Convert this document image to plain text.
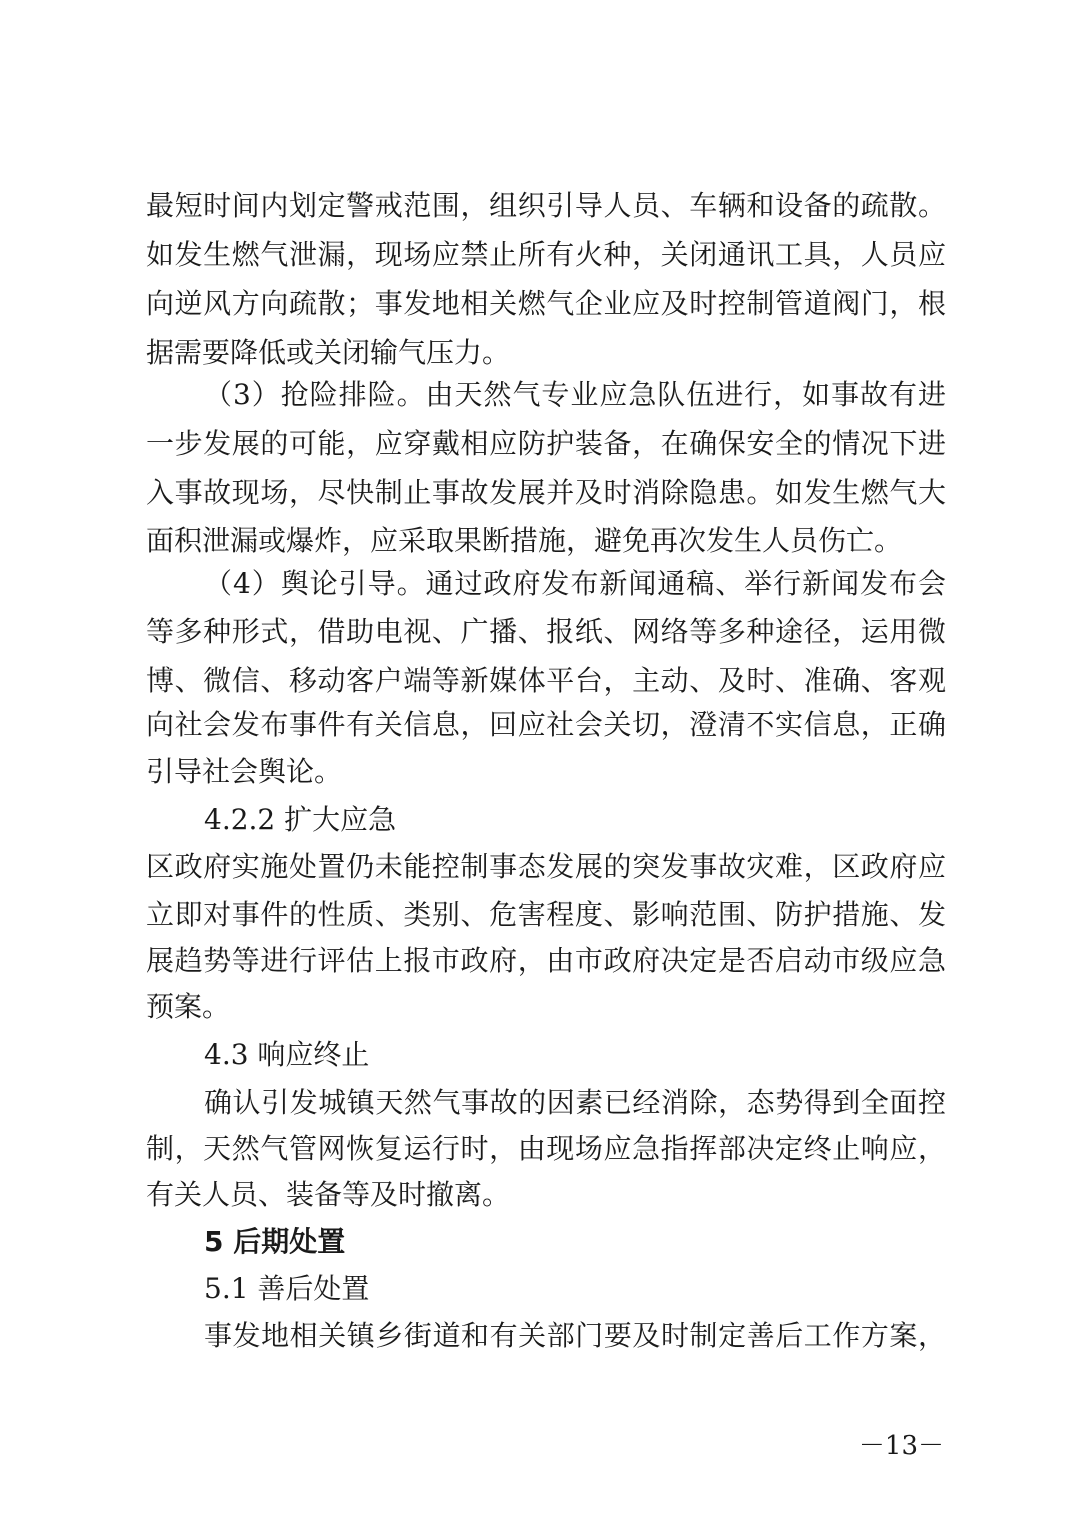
最短时间内划定警戒范围，组织引导人员、车辆和设备的疏散。
如发生燃气泄漏，现场应禁止所有火种，关闭通讯工具，人员应
向逆风方向疏散；事发地相关燃气企业应及时控制管道阀门，根
据需要降低或关闭输气压力。
（3）抢险排险。由天然气专业应急队伍进行，如事故有进
一步发展的可能，应穿戴相应防护装备，在确保安全的情况下进
入事故现场，尽快制止事故发展并及时消除隐患。如发生燃气大
面积泄漏或爆炸，应采取果断措施，避免再次发生人员伤亡。
（4）舆论引导。通过政府发布新闻通稿、举行新闻发布会
等多种形式，借助电视、广播、报纸、网络等多种途径，运用微
博、微信、移动客户端等新媒体平台，主动、及时、准确、客观
向社会发布事件有关信息，回应社会关切，澄清不实信息，正确
引导社会舆论。
4.2.2 扩大应急
区政府实施处置仍未能控制事态发展的突发事故灾难，区政府应
立即对事件的性质、类别、危害程度、影响范围、防护措施、发
展趋势等进行评估上报市政府，由市政府决定是否启动市级应急
预案。
4.3 响应终止
确认引发城镇天然气事故的因素已经消除，态势得到全面控
制，天然气管网恢复运行时，由现场应急指挥部决定终止响应，
有关人员、装备等及时撤离。
5 后期处置
5.1 善后处置
事发地相关镇乡街道和有关部门要及时制定善后工作方案，
－13－
